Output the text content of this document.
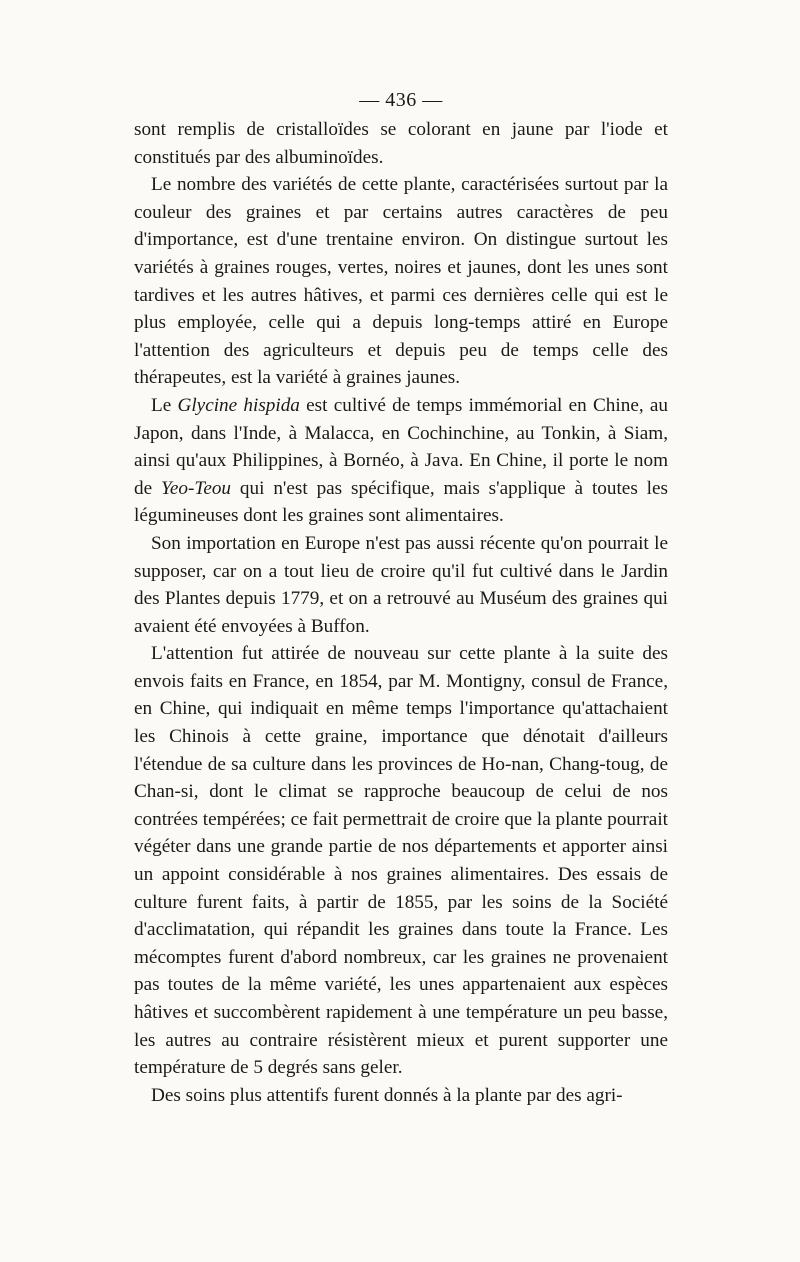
— 436 —

sont remplis de cristalloïdes se colorant en jaune par l'iode et constitués par des albuminoïdes.

Le nombre des variétés de cette plante, caractérisées surtout par la couleur des graines et par certains autres caractères de peu d'importance, est d'une trentaine environ. On distingue surtout les variétés à graines rouges, vertes, noires et jaunes, dont les unes sont tardives et les autres hâtives, et parmi ces dernières celle qui est le plus employée, celle qui a depuis long-temps attiré en Europe l'attention des agriculteurs et depuis peu de temps celle des thérapeutes, est la variété à graines jaunes.

Le Glycine hispida est cultivé de temps immémorial en Chine, au Japon, dans l'Inde, à Malacca, en Cochinchine, au Tonkin, à Siam, ainsi qu'aux Philippines, à Bornéo, à Java. En Chine, il porte le nom de Yeo-Teou qui n'est pas spécifique, mais s'applique à toutes les légumineuses dont les graines sont alimentaires.

Son importation en Europe n'est pas aussi récente qu'on pourrait le supposer, car on a tout lieu de croire qu'il fut cultivé dans le Jardin des Plantes depuis 1779, et on a retrouvé au Muséum des graines qui avaient été envoyées à Buffon.

L'attention fut attirée de nouveau sur cette plante à la suite des envois faits en France, en 1854, par M. Montigny, consul de France, en Chine, qui indiquait en même temps l'importance qu'attachaient les Chinois à cette graine, importance que dénotait d'ailleurs l'étendue de sa culture dans les provinces de Ho-nan, Chang-toug, de Chan-si, dont le climat se rapproche beaucoup de celui de nos contrées tempérées; ce fait permettrait de croire que la plante pourrait végéter dans une grande partie de nos départements et apporter ainsi un appoint considérable à nos graines alimentaires. Des essais de culture furent faits, à partir de 1855, par les soins de la Société d'acclimatation, qui répandit les graines dans toute la France. Les mécomptes furent d'abord nombreux, car les graines ne provenaient pas toutes de la même variété, les unes appartenaient aux espèces hâtives et succombèrent rapidement à une température un peu basse, les autres au contraire résistèrent mieux et purent supporter une température de 5 degrés sans geler.

Des soins plus attentifs furent donnés à la plante par des agri-
